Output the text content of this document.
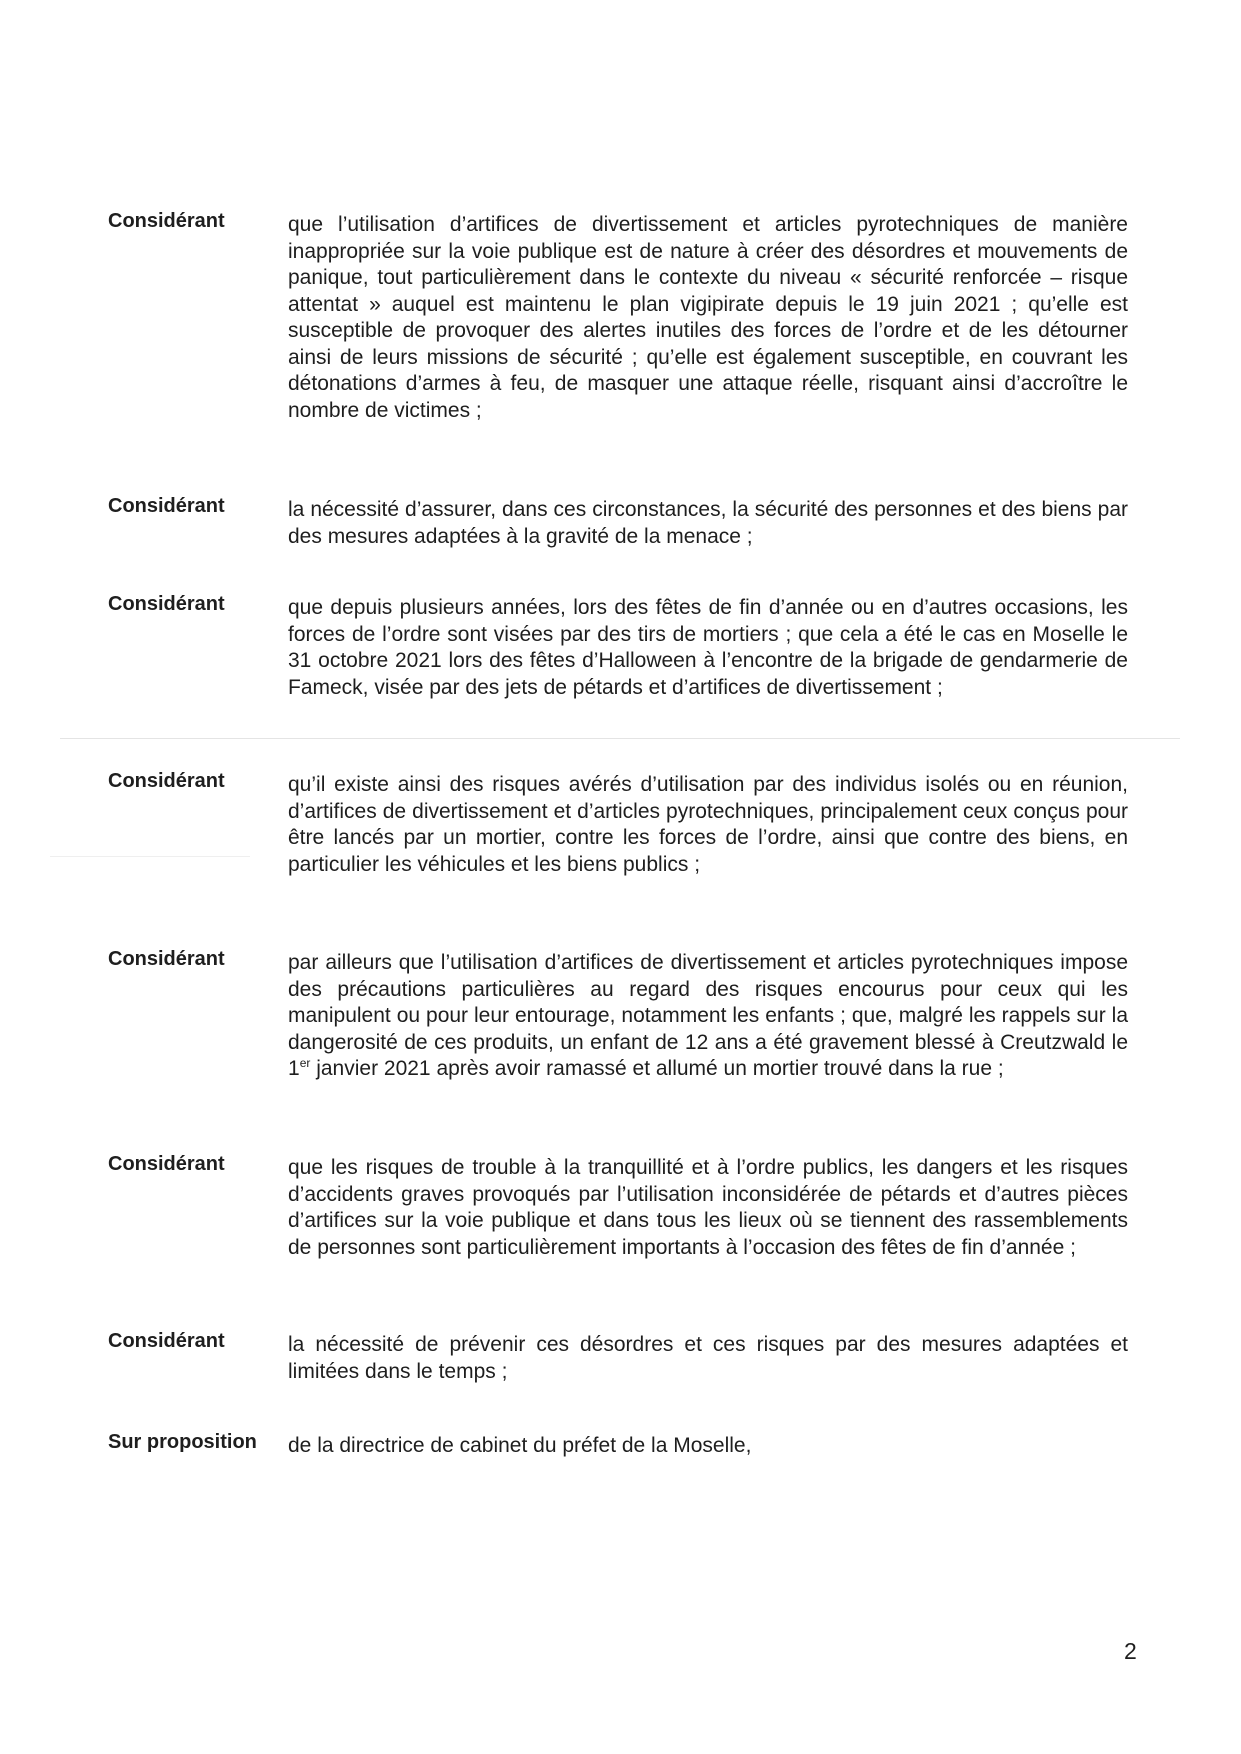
Considérant	que l’utilisation d’artifices de divertissement et articles pyrotechniques de manière inappropriée sur la voie publique est de nature à créer des désordres et mouvements de panique, tout particulièrement dans le contexte du niveau « sécurité renforcée – risque attentat » auquel est maintenu le plan vigipirate depuis le 19 juin 2021 ; qu’elle est susceptible de provoquer des alertes inutiles des forces de l’ordre et de les détourner ainsi de leurs missions de sécurité ; qu’elle est également susceptible, en couvrant les détonations d’armes à feu, de masquer une attaque réelle, risquant ainsi d’accroître le nombre de victimes ;
Considérant	la nécessité d’assurer, dans ces circonstances, la sécurité des personnes et des biens par des mesures adaptées à la gravité de la menace ;
Considérant	que depuis plusieurs années, lors des fêtes de fin d’année ou en d’autres occasions, les forces de l’ordre sont visées par des tirs de mortiers ; que cela a été le cas en Moselle le 31 octobre 2021 lors des fêtes d’Halloween à l’encontre de la brigade de gendarmerie de Fameck, visée par des jets de pétards et d’artifices de divertissement ;
Considérant	qu’il existe ainsi des risques avérés d’utilisation par des individus isolés ou en réunion, d’artifices de divertissement et d’articles pyrotechniques, principalement ceux conçus pour être lancés par un mortier, contre les forces de l’ordre, ainsi que contre des biens, en particulier les véhicules et les biens publics ;
Considérant	par ailleurs que l’utilisation d’artifices de divertissement et articles pyrotechniques impose des précautions particulières au regard des risques encourus pour ceux qui les manipulent ou pour leur entourage, notamment les enfants ; que, malgré les rappels sur la dangerosité de ces produits, un enfant de 12 ans a été gravement blessé à Creutzwald le 1er janvier 2021 après avoir ramassé et allumé un mortier trouvé dans la rue ;
Considérant	que les risques de trouble à la tranquillité et à l’ordre publics, les dangers et les risques d’accidents graves provoqués par l’utilisation inconsidérée de pétards et d’autres pièces d’artifices sur la voie publique et dans tous les lieux où se tiennent des rassemblements de personnes sont particulièrement importants à l’occasion des fêtes de fin d’année ;
Considérant	la nécessité de prévenir ces désordres et ces risques par des mesures adaptées et limitées dans le temps ;
Sur proposition	de la directrice de cabinet du préfet de la Moselle,
2
